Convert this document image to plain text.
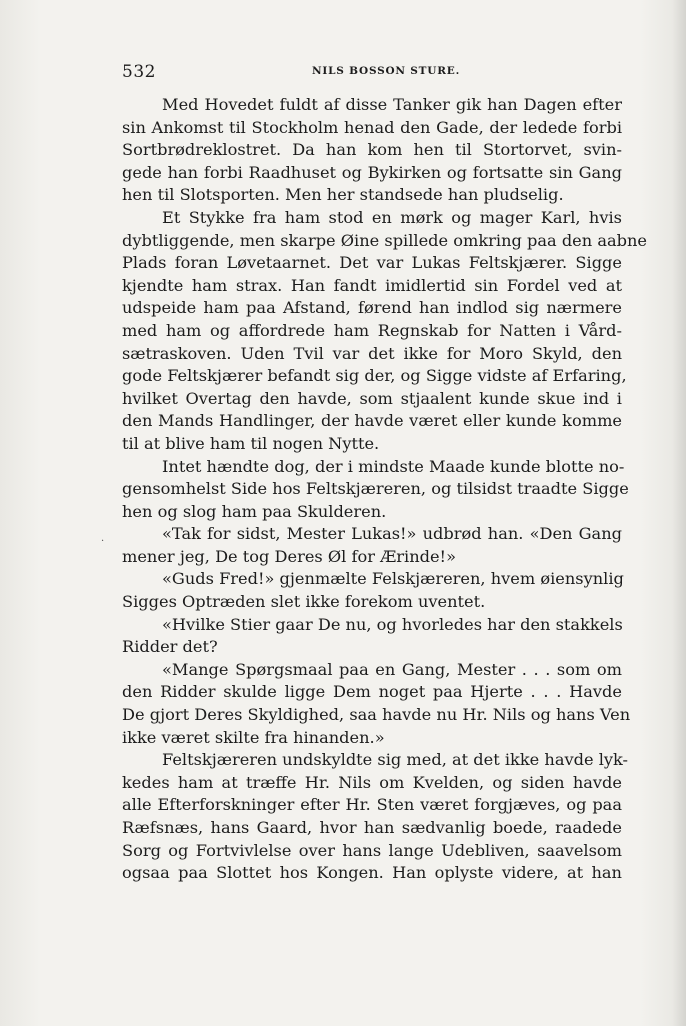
532	NILS BOSSON STURE.
·
Med Hovedet fuldt af disse Tanker gik han Dagen efter
sin Ankomst til Stockholm henad den Gade, der ledede forbi
Sortbrødreklostret. Da han kom hen til Stortorvet, svin-
gede han forbi Raadhuset og Bykirken og fortsatte sin Gang
hen til Slotsporten. Men her standsede han pludselig.
Et Stykke fra ham stod en mørk og mager Karl, hvis
dybtliggende, men skarpe Øine spillede omkring paa den aabne
Plads foran Løvetaarnet. Det var Lukas Feltskjærer. Sigge
kjendte ham strax. Han fandt imidlertid sin Fordel ved at
udspeide ham paa Afstand, førend han indlod sig nærmere
med ham og affordrede ham Regnskab for Natten i Vård-
sætraskoven. Uden Tvil var det ikke for Moro Skyld, den
gode Feltskjærer befandt sig der, og Sigge vidste af Erfaring,
hvilket Overtag den havde, som stjaalent kunde skue ind i
den Mands Handlinger, der havde været eller kunde komme
til at blive ham til nogen Nytte.
Intet hændte dog, der i mindste Maade kunde blotte no-
gensomhelst Side hos Feltskjæreren, og tilsidst traadte Sigge
hen og slog ham paa Skulderen.
«Tak for sidst, Mester Lukas!» udbrød han. «Den Gang
mener jeg, De tog Deres Øl for Ærinde!»
«Guds Fred!» gjenmælte Felskjæreren, hvem øiensynlig
Sigges Optræden slet ikke forekom uventet.
«Hvilke Stier gaar De nu, og hvorledes har den stakkels
Ridder det?
«Mange Spørgsmaal paa en Gang, Mester . . . som om
den Ridder skulde ligge Dem noget paa Hjerte . . . Havde
De gjort Deres Skyldighed, saa havde nu Hr. Nils og hans Ven
ikke været skilte fra hinanden.»
Feltskjæreren undskyldte sig med, at det ikke havde lyk-
kedes ham at træffe Hr. Nils om Kvelden, og siden havde
alle Efterforskninger efter Hr. Sten været forgjæves, og paa
Ræfsnæs, hans Gaard, hvor han sædvanlig boede, raadede
Sorg og Fortvivlelse over hans lange Udebliven, saavelsom
ogsaa paa Slottet hos Kongen. Han oplyste videre, at han
